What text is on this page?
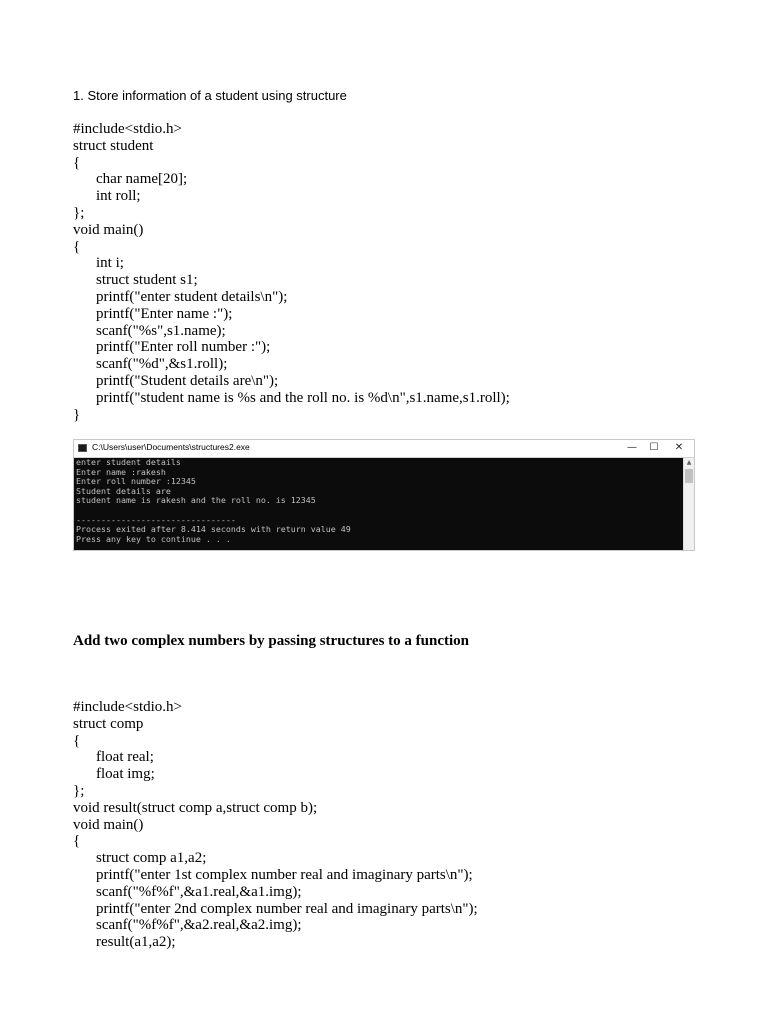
1. Store information of a student using structure
#include<stdio.h>
struct student
{
char name[20];
int roll;
};
void main()
{
int i;
struct student s1;
printf("enter student details\n");
printf("Enter name :");
scanf("%s",s1.name);
printf("Enter roll number :");
scanf("%d",&s1.roll);
printf("Student details are\n");
printf("student name is %s and the roll no. is %d\n",s1.name,s1.roll);
}
C:\Users\user\Documents\structures2.exe	—	☐	✕
enter student details
Enter name :rakesh
Enter roll number :12345
Student details are
student name is rakesh and the roll no. is 12345

--------------------------------
Process exited after 8.414 seconds with return value 49
Press any key to continue . . .
▲
Add two complex numbers by passing structures to a function
#include<stdio.h>
struct comp
{
float real;
float img;
};
void result(struct comp a,struct comp b);
void main()
{
struct comp a1,a2;
printf("enter 1st complex number real and imaginary parts\n");
scanf("%f%f",&a1.real,&a1.img);
printf("enter 2nd complex number real and imaginary parts\n");
scanf("%f%f",&a2.real,&a2.img);
result(a1,a2);
